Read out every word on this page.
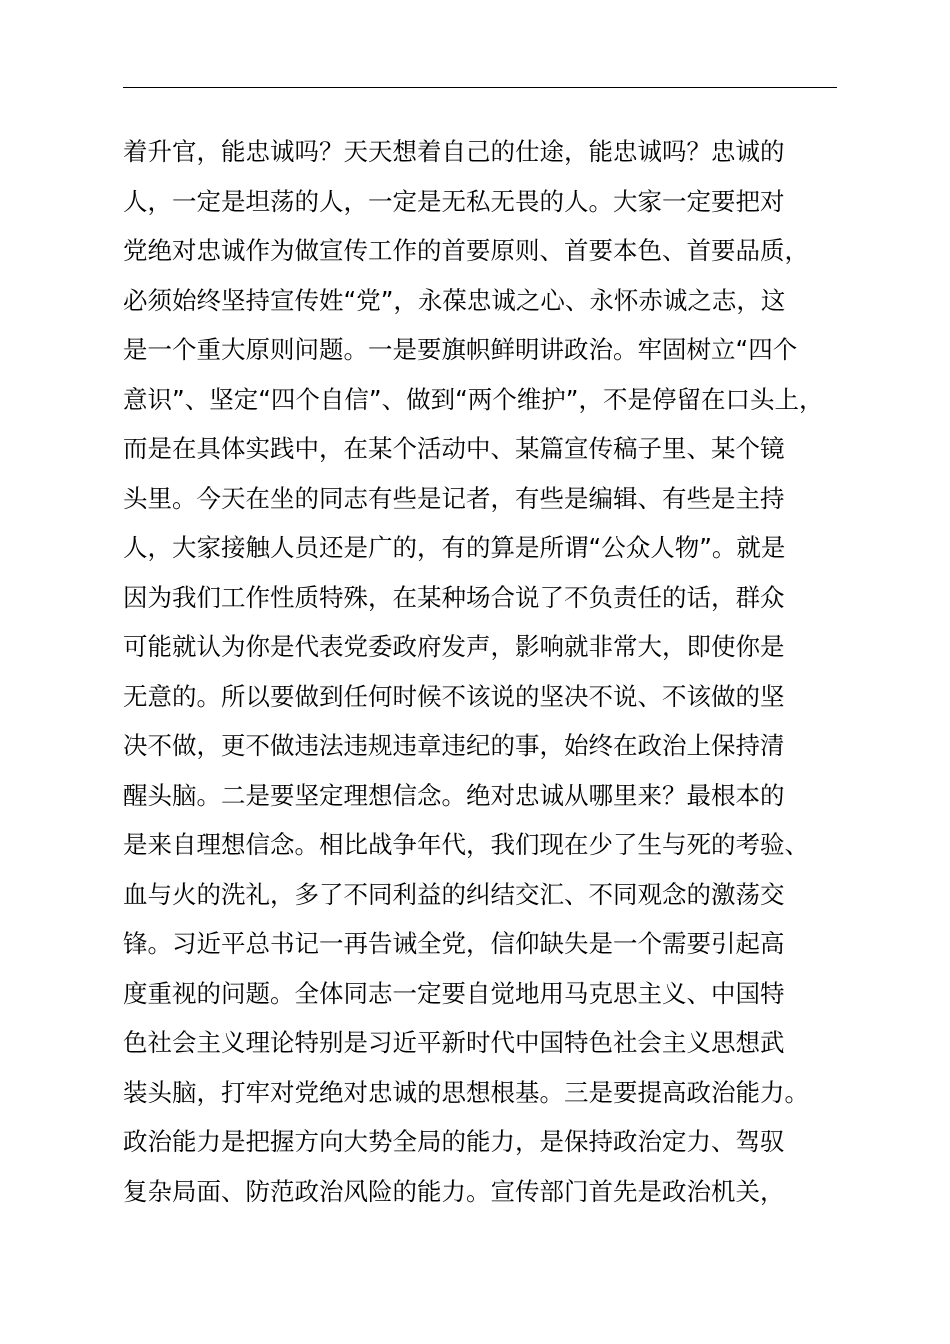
着升官，能忠诚吗？天天想着自己的仕途，能忠诚吗？忠诚的
人，一定是坦荡的人，一定是无私无畏的人。大家一定要把对
党绝对忠诚作为做宣传工作的首要原则、首要本色、首要品质，
必须始终坚持宣传姓“党”，永葆忠诚之心、永怀赤诚之志，这
是一个重大原则问题。一是要旗帜鲜明讲政治。牢固树立“四个
意识”、坚定“四个自信”、做到“两个维护”，不是停留在口头上，
而是在具体实践中，在某个活动中、某篇宣传稿子里、某个镜
头里。今天在坐的同志有些是记者，有些是编辑、有些是主持
人，大家接触人员还是广的，有的算是所谓“公众人物”。就是
因为我们工作性质特殊，在某种场合说了不负责任的话，群众
可能就认为你是代表党委政府发声，影响就非常大，即使你是
无意的。所以要做到任何时候不该说的坚决不说、不该做的坚
决不做，更不做违法违规违章违纪的事，始终在政治上保持清
醒头脑。二是要坚定理想信念。绝对忠诚从哪里来？最根本的
是来自理想信念。相比战争年代，我们现在少了生与死的考验、
血与火的洗礼，多了不同利益的纠结交汇、不同观念的激荡交
锋。习近平总书记一再告诫全党，信仰缺失是一个需要引起高
度重视的问题。全体同志一定要自觉地用马克思主义、中国特
色社会主义理论特别是习近平新时代中国特色社会主义思想武
装头脑，打牢对党绝对忠诚的思想根基。三是要提高政治能力。
政治能力是把握方向大势全局的能力，是保持政治定力、驾驭
复杂局面、防范政治风险的能力。宣传部门首先是政治机关，
